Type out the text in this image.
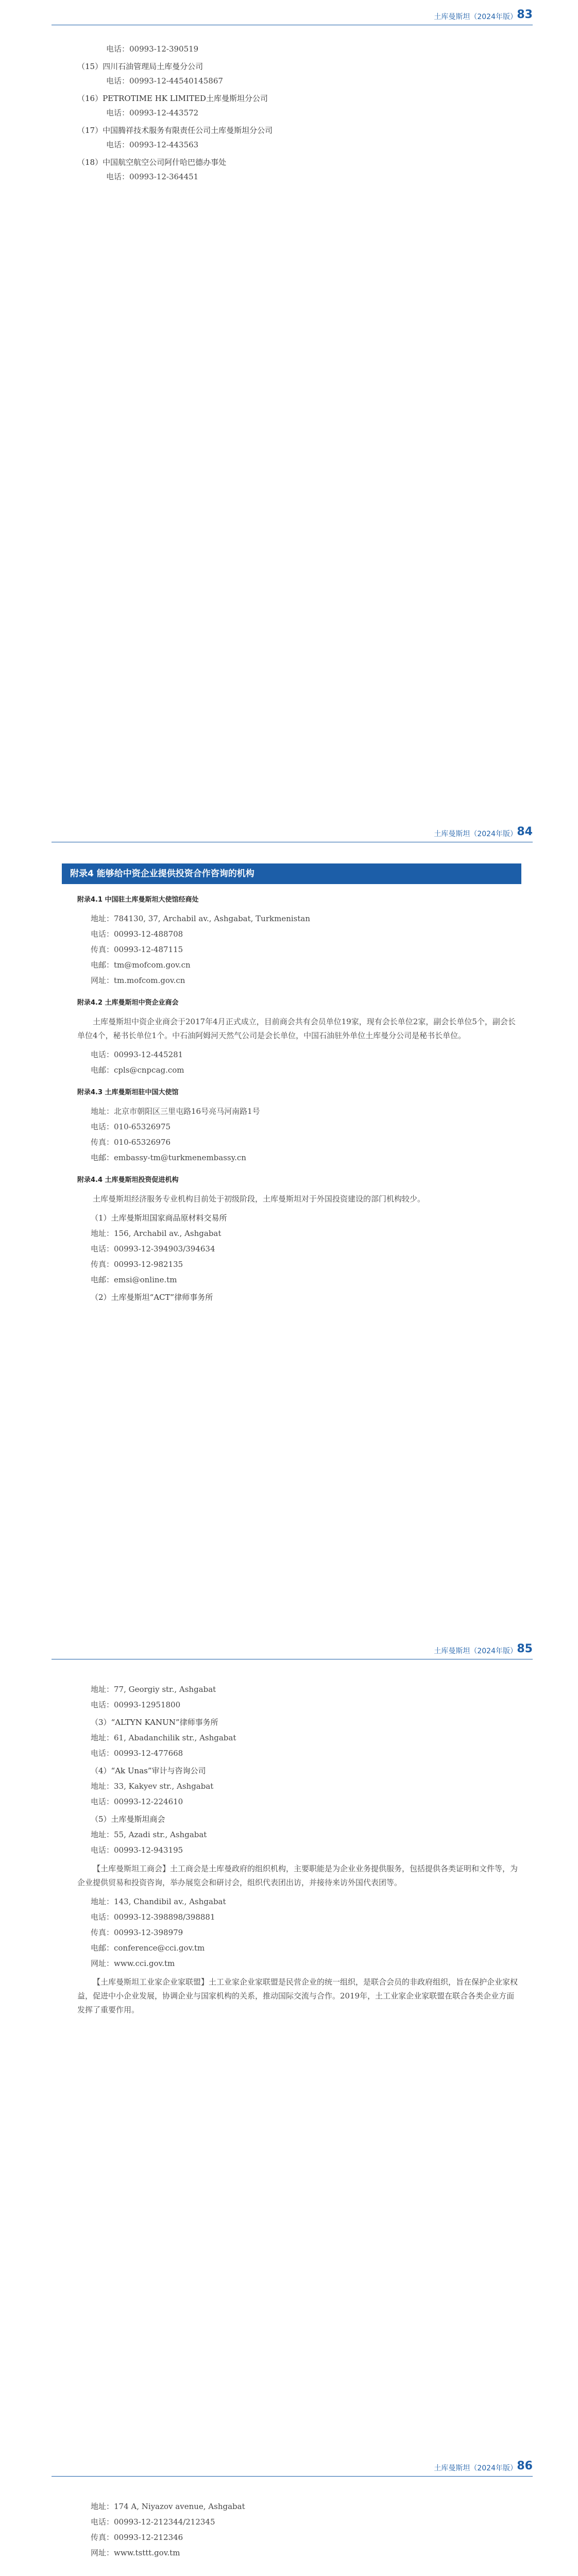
土库曼斯坦（2024年版） 83

电话：00993-12-390519

（15）四川石油管理局土库曼分公司

电话：00993-12-44540145867

（16）PETROTIME HK LIMITED土库曼斯坦分公司

电话：00993-12-443572

（17）中国腾祥技术服务有限责任公司土库曼斯坦分公司

电话：00993-12-443563

（18）中国航空航空公司阿什哈巴德办事处

电话：00993-12-364451

土库曼斯坦（2024年版） 84
附录4 能够给中资企业提供投资合作咨询的机构

附录4.1 中国驻土库曼斯坦大使馆经商处

地址：784130, 37, Archabil av., Ashgabat, Turkmenistan

电话：00993-12-488708

传真：00993-12-487115

电邮：tm@mofcom.gov.cn

网址：tm.mofcom.gov.cn

附录4.2 土库曼斯坦中资企业商会

土库曼斯坦中资企业商会于2017年4月正式成立，目前商会共有会员单位19家，现有会长单位2家，副会长单位5个，副会长单位4个，秘书长单位1个。中石油阿姆河天然气公司是会长单位，中国石油驻外单位土库曼分公司是秘书长单位。

电话：00993-12-445281

电邮：cpls@cnpcag.com

附录4.3 土库曼斯坦驻中国大使馆

地址：北京市朝阳区三里屯路16号亮马河南路1号

电话：010-65326975

传真：010-65326976

电邮：embassy-tm@turkmenembassy.cn

附录4.4 土库曼斯坦投资促进机构

土库曼斯坦经济服务专业机构目前处于初级阶段，土库曼斯坦对于外国投资建设的部门机构较少。

（1）土库曼斯坦国家商品原材料交易所

地址：156, Archabil av., Ashgabat

电话：00993-12-394903/394634

传真：00993-12-982135

电邮：emsi@online.tm

（2）土库曼斯坦“ACT”律师事务所

土库曼斯坦（2024年版） 85

地址：77, Georgiy str., Ashgabat

电话：00993-12951800

（3）“ALTYN KANUN”律师事务所

地址：61, Abadanchilik str., Ashgabat

电话：00993-12-477668

（4）“Ak Unas”审计与咨询公司

地址：33, Kakyev str., Ashgabat

电话：00993-12-224610

（5）土库曼斯坦商会

地址：55, Azadi str., Ashgabat

电话：00993-12-943195

【土库曼斯坦工商会】土工商会是土库曼政府的组织机构，主要职能是为企业业务提供服务，包括提供各类证明和文件等，为企业提供贸易和投资咨询，举办展览会和研讨会，组织代表团出访，并接待来访外国代表团等。

地址：143, Chandibil av., Ashgabat

电话：00993-12-398898/398881

传真：00993-12-398979

电邮：conference@cci.gov.tm

网址：www.cci.gov.tm

【土库曼斯坦工业家企业家联盟】土工业家企业家联盟是民营企业的统一组织，是联合会员的非政府组织，旨在保护企业家权益，促进中小企业发展，协调企业与国家机构的关系，推动国际交流与合作。2019年，土工业家企业家联盟在联合各类企业方面发挥了重要作用。

土库曼斯坦（2024年版） 86

地址：174 A, Niyazov avenue, Ashgabat

电话：00993-12-212344/212345

传真：00993-12-212346

网址：www.tsttt.gov.tm
